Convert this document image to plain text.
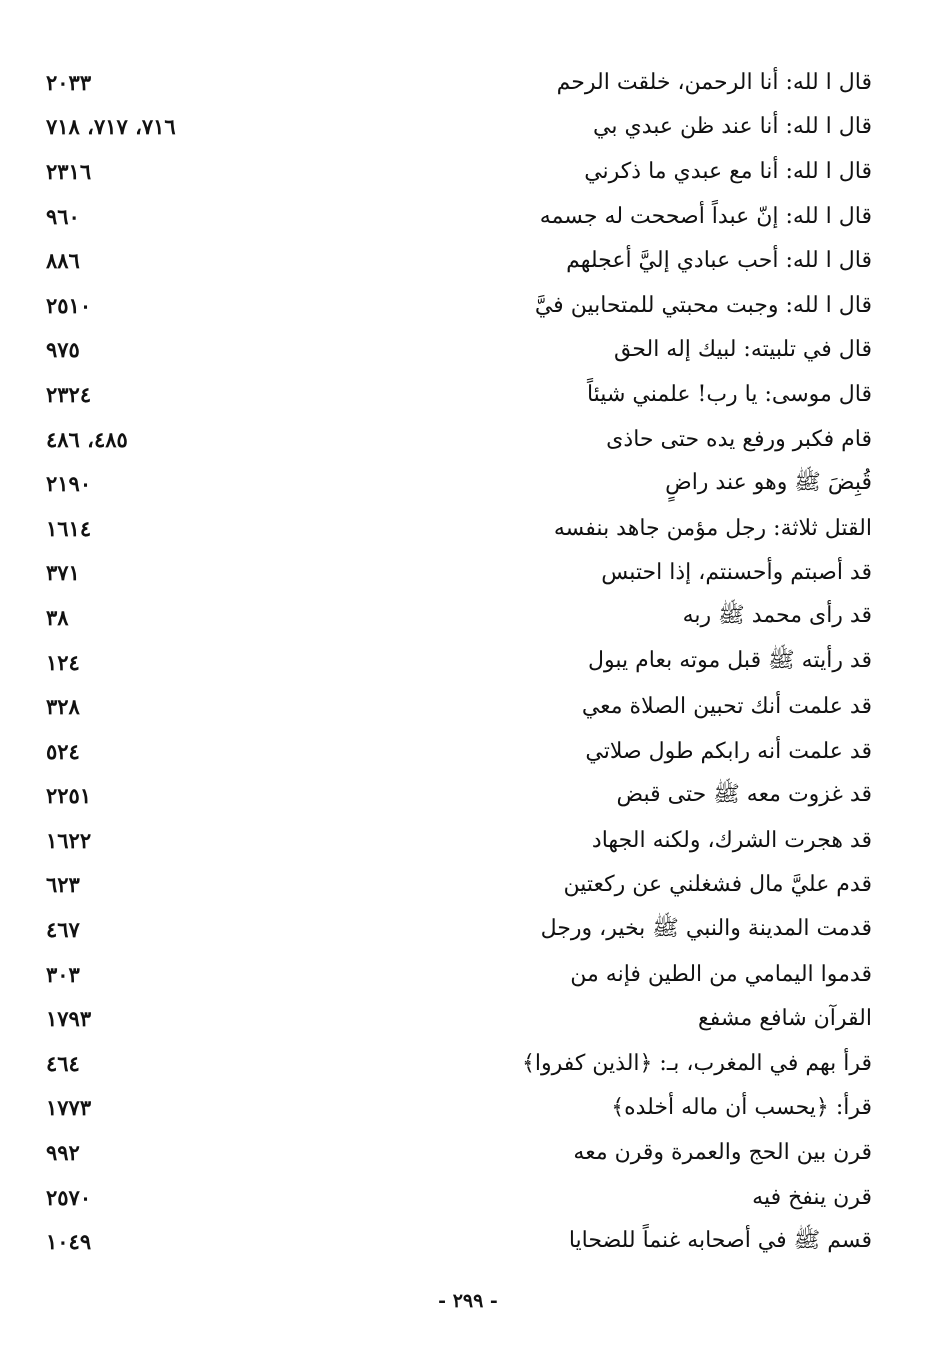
٢٠٣٣	قال ا لله: أنا الرحمن، خلقت الرحم
٧١٦، ٧١٧، ٧١٨	قال ا لله: أنا عند ظن عبدي بي
٢٣١٦	قال ا لله: أنا مع عبدي ما ذكرني
٩٦٠	قال ا لله: إنّ عبداً أصححت له جسمه
٨٨٦	قال ا لله: أحب عبادي إليَّ أعجلهم
٢٥١٠	قال ا لله: وجبت محبتي للمتحابين فيَّ
٩٧٥	قال في تلبيته: لبيك إله الحق
٢٣٢٤	قال موسى: يا رب! علمني شيئاً
٤٨٥، ٤٨٦	قام فكبر ورفع يده حتى حاذى
٢١٩٠	قُبِضَ ﷺ وهو عند راضٍ
١٦١٤	القتل ثلاثة: رجل مؤمن جاهد بنفسه
٣٧١	قد أصبتم وأحسنتم، إذا احتبس
٣٨	قد رأى محمد ﷺ ربه
١٢٤	قد رأيته ﷺ قبل موته بعام يبول
٣٢٨	قد علمت أنك تحبين الصلاة معي
٥٢٤	قد علمت أنه رابكم طول صلاتي
٢٢٥١	قد غزوت معه ﷺ حتى قبض
١٦٢٢	قد هجرت الشرك، ولكنه الجهاد
٦٢٣	قدم عليَّ مال فشغلني عن ركعتين
٤٦٧	قدمت المدينة والنبي ﷺ بخير، ورجل
٣٠٣	قدموا اليمامي من الطين فإنه من
١٧٩٣	القرآن شافع مشفع
٤٦٤	قرأ بهم في المغرب، بـ: ﴿الذين كفروا﴾
١٧٧٣	قرأ: ﴿يحسب أن ماله أخلده﴾
٩٩٢	قرن بين الحج والعمرة وقرن معه
٢٥٧٠	قرن ينفخ فيه
١٠٤٩	قسم ﷺ في أصحابه غنماً للضحايا
- ٢٩٩ -
